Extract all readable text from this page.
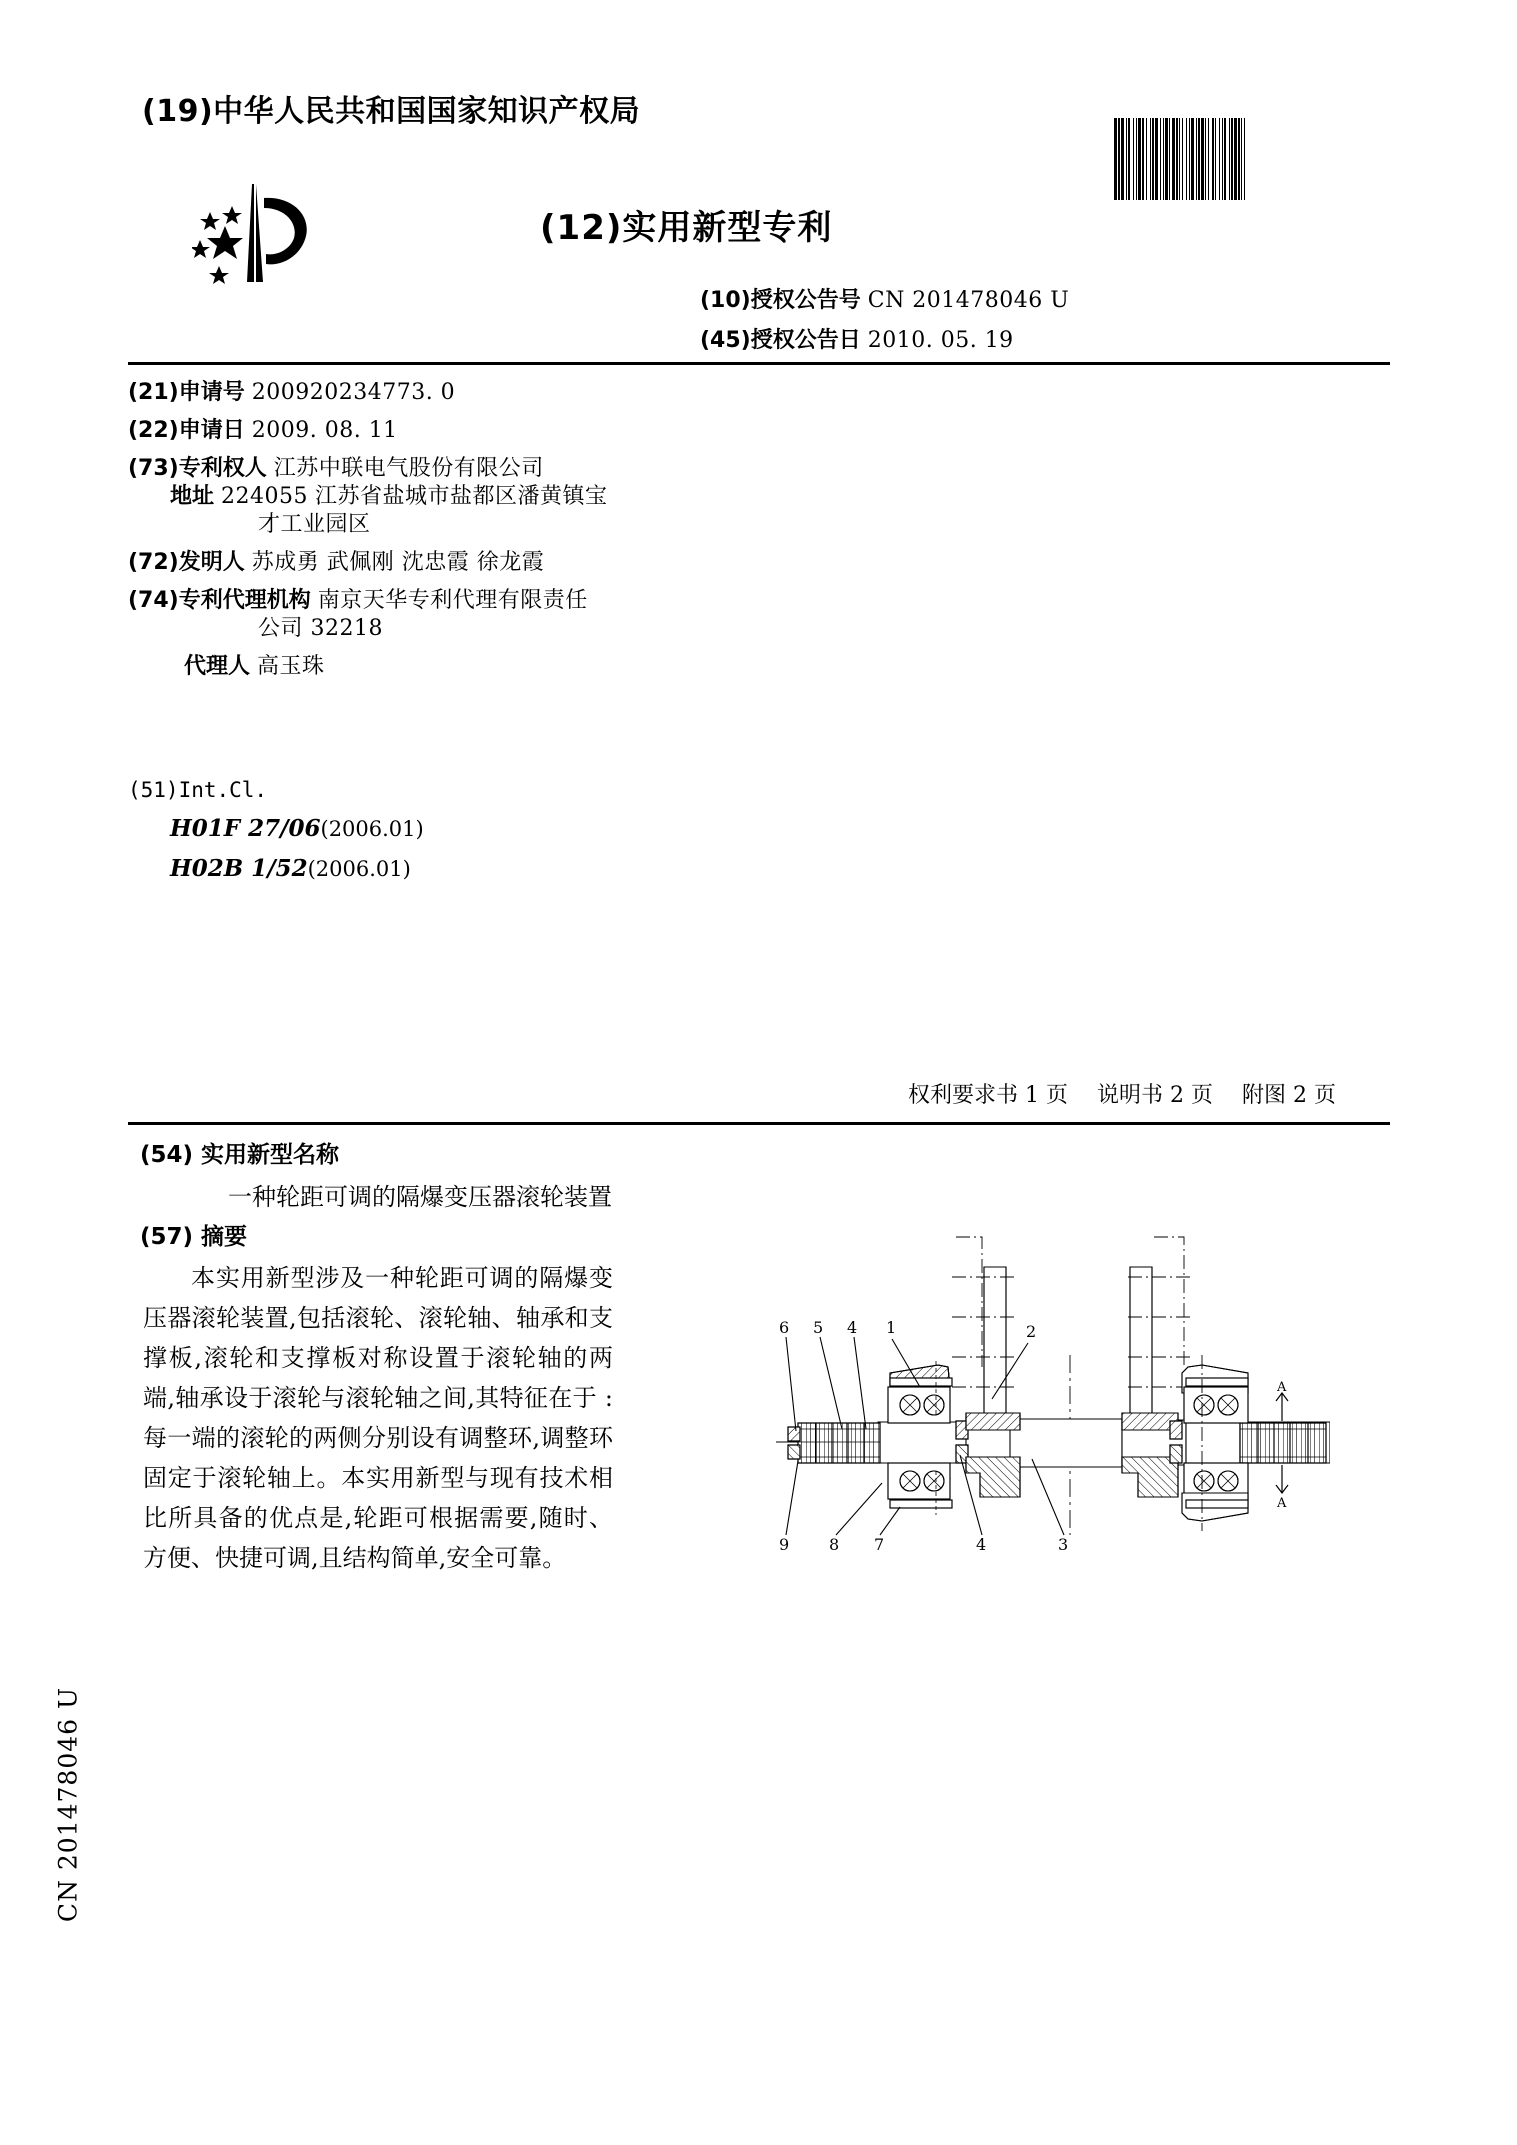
(19)中华人民共和国国家知识产权局
(12)实用新型专利
(10)授权公告号 CN 201478046 U
(45)授权公告日 2010. 05. 19
(21)申请号 200920234773. 0
(22)申请日 2009. 08. 11
(73)专利权人 江苏中联电气股份有限公司
地址 224055 江苏省盐城市盐都区潘黄镇宝
才工业园区
(72)发明人 苏成勇 武佩刚 沈忠霞 徐龙霞
(74)专利代理机构 南京天华专利代理有限责任
公司 32218
代理人 高玉珠
(51)Int.Cl.
H01F 27/06(2006.01)
H02B 1/52(2006.01)
权利要求书 1 页 说明书 2 页 附图 2 页
(54) 实用新型名称
一种轮距可调的隔爆变压器滚轮装置
(57) 摘要
本实用新型涉及一种轮距可调的隔爆变压器滚轮装置,包括滚轮、滚轮轴、轴承和支撑板,滚轮和支撑板对称设置于滚轮轴的两端,轴承设于滚轮与滚轮轴之间,其特征在于 :每一端的滚轮的两侧分别设有调整环,调整环固定于滚轮轴上。本实用新型与现有技术相比所具备的优点是,轮距可根据需要,随时、方便、快捷可调,且结构简单,安全可靠。
A
A
6 5 4 1	2
9 8 7	4	3
CN 201478046 U
